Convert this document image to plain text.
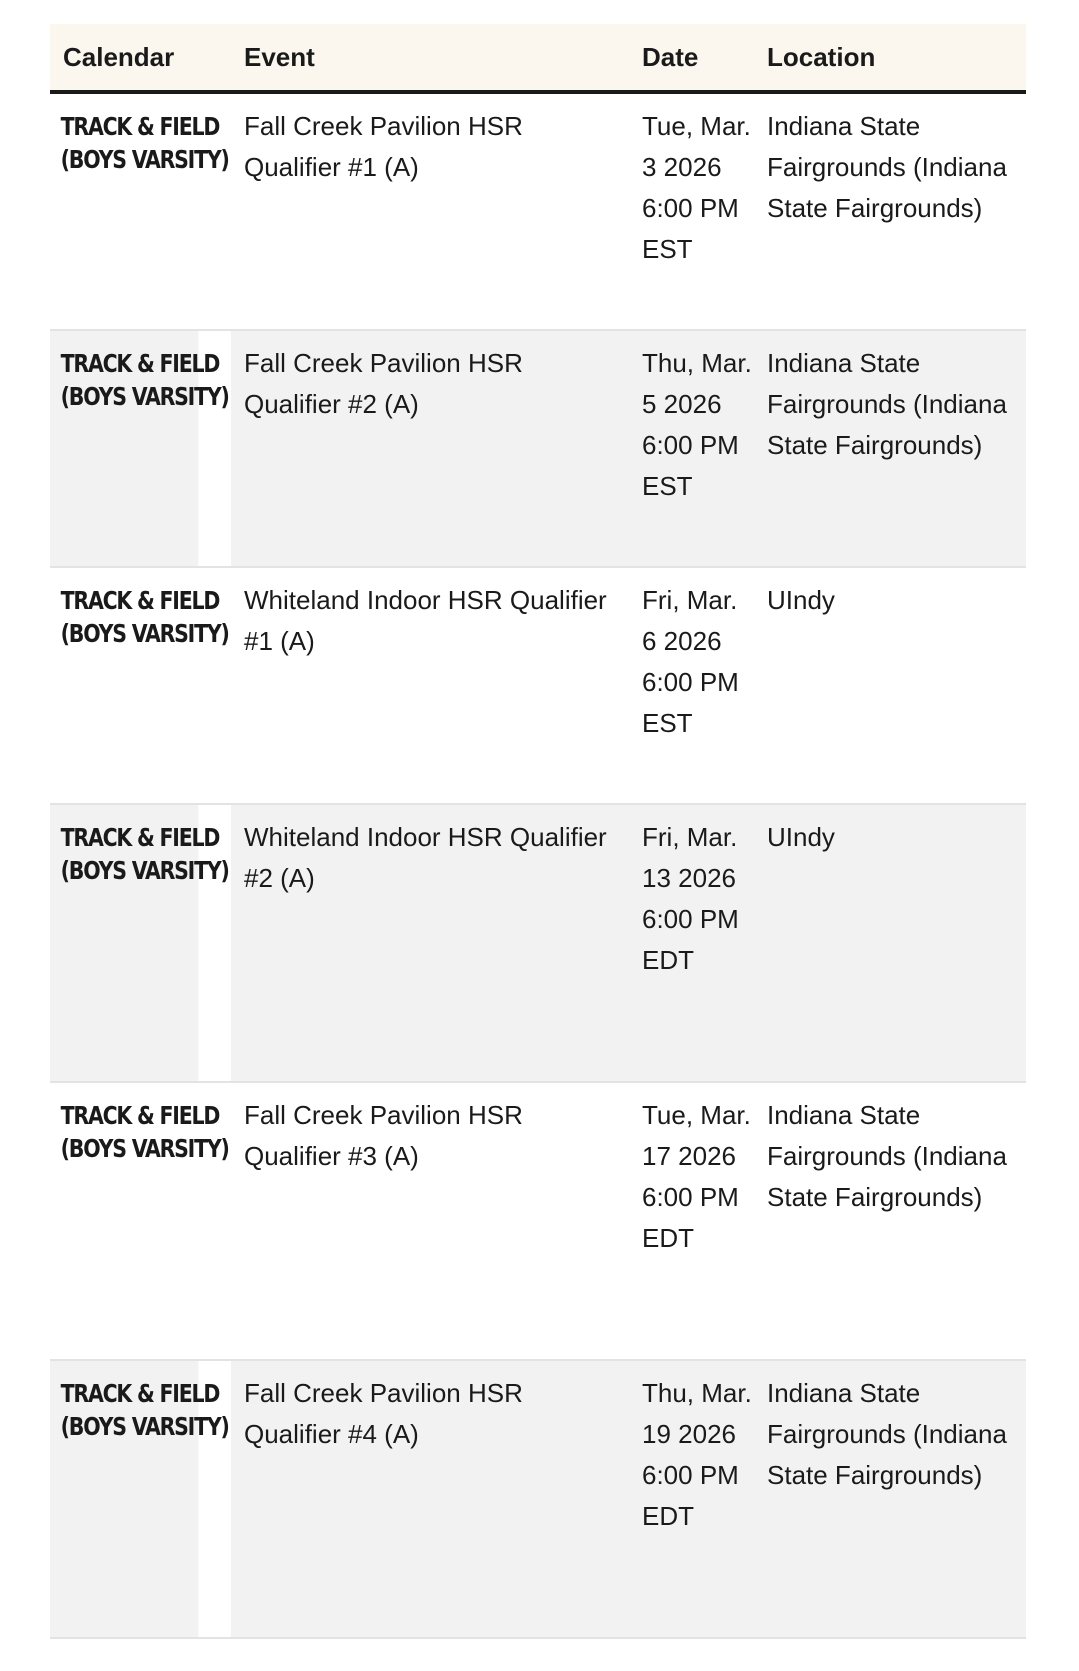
Calendar	Event	Date	Location

TRACK & FIELD (BOYS VARSITY)	Fall Creek Pavilion HSR Qualifier #1 (A)	Tue, Mar. 3 2026 6:00 PM EST	Indiana State Fairgrounds (Indiana State Fairgrounds)

TRACK & FIELD (BOYS VARSITY)	Fall Creek Pavilion HSR Qualifier #2 (A)	Thu, Mar. 5 2026 6:00 PM EST	Indiana State Fairgrounds (Indiana State Fairgrounds)

TRACK & FIELD (BOYS VARSITY)	Whiteland Indoor HSR Qualifier #1 (A)	Fri, Mar. 6 2026 6:00 PM EST	UIndy

TRACK & FIELD (BOYS VARSITY)	Whiteland Indoor HSR Qualifier #2 (A)	Fri, Mar. 13 2026 6:00 PM EDT	UIndy

TRACK & FIELD (BOYS VARSITY)	Fall Creek Pavilion HSR Qualifier #3 (A)	Tue, Mar. 17 2026 6:00 PM EDT	Indiana State Fairgrounds (Indiana State Fairgrounds)

TRACK & FIELD (BOYS VARSITY)	Fall Creek Pavilion HSR Qualifier #4 (A)	Thu, Mar. 19 2026 6:00 PM EDT	Indiana State Fairgrounds (Indiana State Fairgrounds)
